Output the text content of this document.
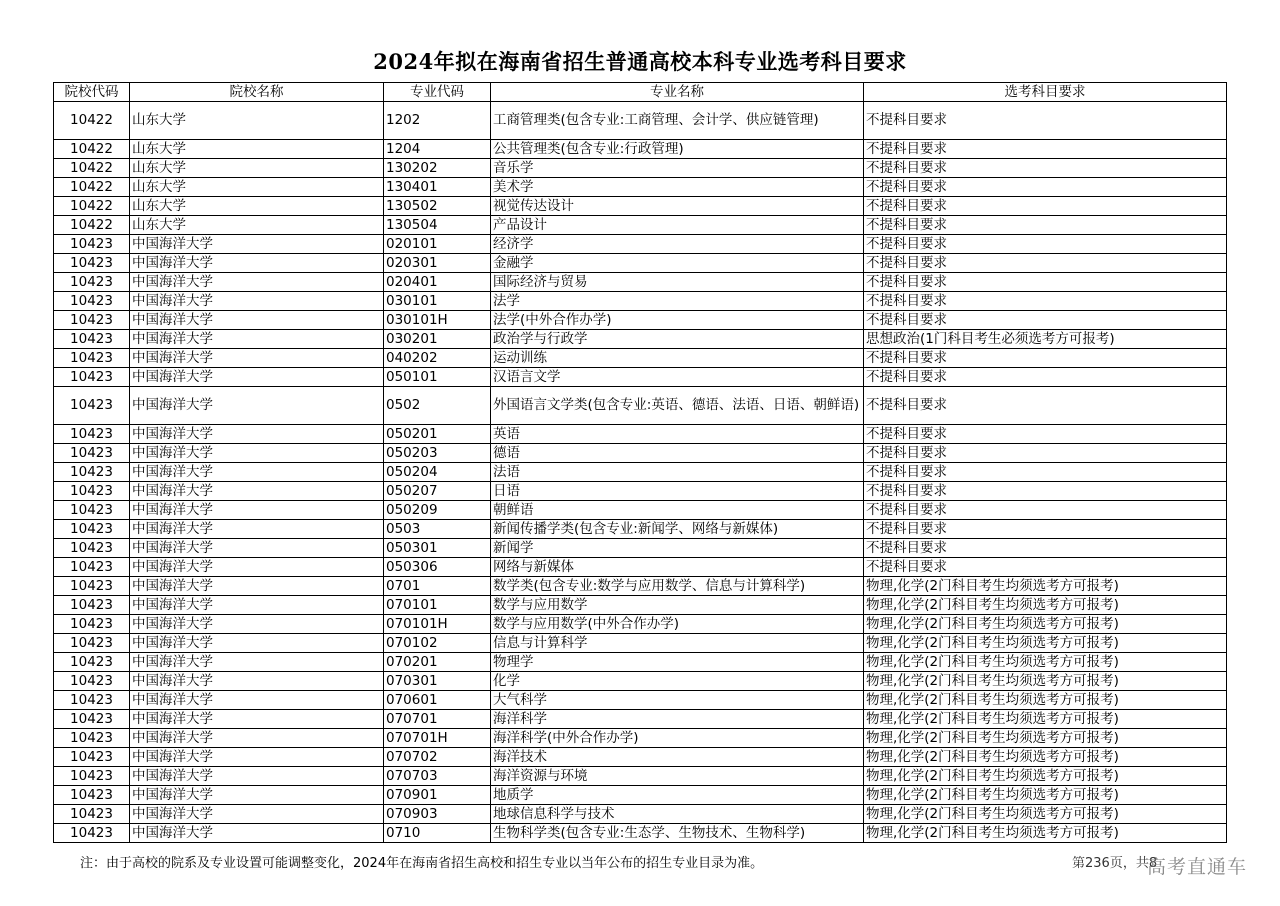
2024年拟在海南省招生普通高校本科专业选考科目要求
院校代码	院校名称	专业代码	专业名称	选考科目要求
10422	山东大学	1202	工商管理类(包含专业:工商管理、会计学、供应链管理)	不提科目要求
10422	山东大学	1204	公共管理类(包含专业:行政管理)	不提科目要求
10422	山东大学	130202	音乐学	不提科目要求
10422	山东大学	130401	美术学	不提科目要求
10422	山东大学	130502	视觉传达设计	不提科目要求
10422	山东大学	130504	产品设计	不提科目要求
10423	中国海洋大学	020101	经济学	不提科目要求
10423	中国海洋大学	020301	金融学	不提科目要求
10423	中国海洋大学	020401	国际经济与贸易	不提科目要求
10423	中国海洋大学	030101	法学	不提科目要求
10423	中国海洋大学	030101H	法学(中外合作办学)	不提科目要求
10423	中国海洋大学	030201	政治学与行政学	思想政治(1门科目考生必须选考方可报考)
10423	中国海洋大学	040202	运动训练	不提科目要求
10423	中国海洋大学	050101	汉语言文学	不提科目要求
10423	中国海洋大学	0502	外国语言文学类(包含专业:英语、德语、法语、日语、朝鲜语)	不提科目要求
10423	中国海洋大学	050201	英语	不提科目要求
10423	中国海洋大学	050203	德语	不提科目要求
10423	中国海洋大学	050204	法语	不提科目要求
10423	中国海洋大学	050207	日语	不提科目要求
10423	中国海洋大学	050209	朝鲜语	不提科目要求
10423	中国海洋大学	0503	新闻传播学类(包含专业:新闻学、网络与新媒体)	不提科目要求
10423	中国海洋大学	050301	新闻学	不提科目要求
10423	中国海洋大学	050306	网络与新媒体	不提科目要求
10423	中国海洋大学	0701	数学类(包含专业:数学与应用数学、信息与计算科学)	物理,化学(2门科目考生均须选考方可报考)
10423	中国海洋大学	070101	数学与应用数学	物理,化学(2门科目考生均须选考方可报考)
10423	中国海洋大学	070101H	数学与应用数学(中外合作办学)	物理,化学(2门科目考生均须选考方可报考)
10423	中国海洋大学	070102	信息与计算科学	物理,化学(2门科目考生均须选考方可报考)
10423	中国海洋大学	070201	物理学	物理,化学(2门科目考生均须选考方可报考)
10423	中国海洋大学	070301	化学	物理,化学(2门科目考生均须选考方可报考)
10423	中国海洋大学	070601	大气科学	物理,化学(2门科目考生均须选考方可报考)
10423	中国海洋大学	070701	海洋科学	物理,化学(2门科目考生均须选考方可报考)
10423	中国海洋大学	070701H	海洋科学(中外合作办学)	物理,化学(2门科目考生均须选考方可报考)
10423	中国海洋大学	070702	海洋技术	物理,化学(2门科目考生均须选考方可报考)
10423	中国海洋大学	070703	海洋资源与环境	物理,化学(2门科目考生均须选考方可报考)
10423	中国海洋大学	070901	地质学	物理,化学(2门科目考生均须选考方可报考)
10423	中国海洋大学	070903	地球信息科学与技术	物理,化学(2门科目考生均须选考方可报考)
10423	中国海洋大学	0710	生物科学类(包含专业:生态学、生物技术、生物科学)	物理,化学(2门科目考生均须选考方可报考)
注：由于高校的院系及专业设置可能调整变化，2024年在海南省招生高校和招生专业以当年公布的招生专业目录为准。	第236页，共8
高考直通车
